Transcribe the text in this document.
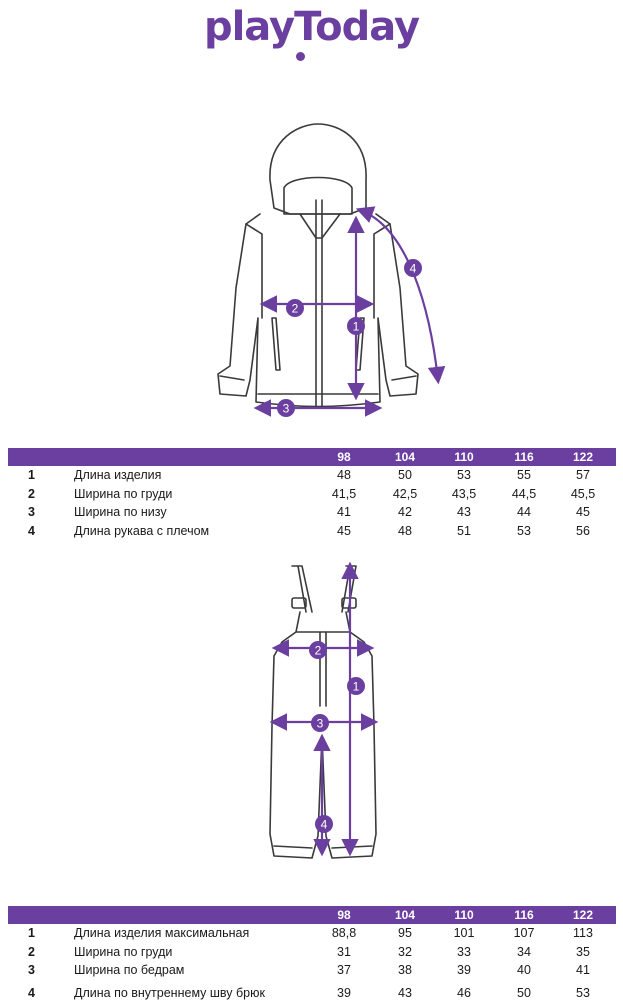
playToday
1
2
3
4
98	104	110	116	122
1	Длина изделия	48	50	53	55	57
2	Ширина по груди	41,5	42,5	43,5	44,5	45,5
3	Ширина по низу	41	42	43	44	45
4	Длина рукава с плечом	45	48	51	53	56
1
2
3
4
98	104	110	116	122
1	Длина изделия максимальная	88,8	95	101	107	113
2	Ширина по груди	31	32	33	34	35
3	Ширина по бедрам	37	38	39	40	41
4	Длина по внутреннему шву брюк	39	43	46	50	53
